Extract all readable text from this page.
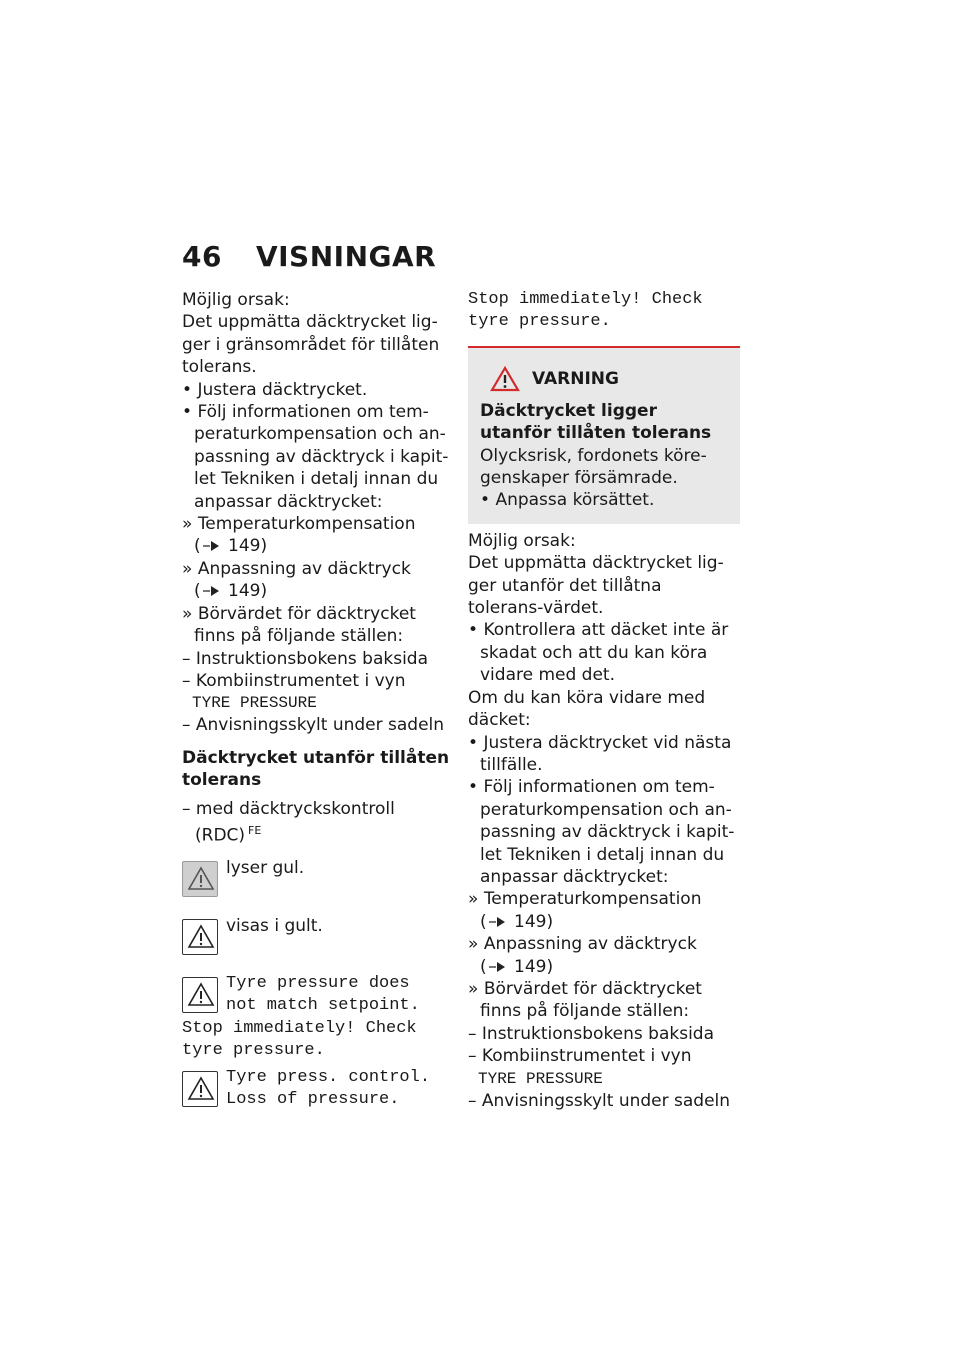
46 VISNINGAR

Möjlig orsak:

Det uppmätta däcktrycket lig-ger i gränsområdet för tillåten tolerans.

• Justera däcktrycket.

• Följ informationen om tem-peraturkompensation och an-passning av däcktryck i kapit-let Tekniken i detalj innan du anpassar däcktrycket:

» Temperaturkompensation
( 149)

» Anpassning av däcktryck
( 149)

» Börvärdet för däcktrycket finns på följande ställen:

– Instruktionsbokens baksida

– Kombiinstrumentet i vyn

TYRE PRESSURE

– Anvisningsskylt under sadeln

Däcktrycket utanför tillåten tolerans

– med däcktryckskontroll (RDC) $^{FE}$

lyser gul.
visas i gult.
Tyre pressure does not match setpoint.
Stop immediately! Check tyre pressure.
Tyre press. control. Loss of pressure.
Stop immediately! Check tyre pressure.
VARNING

Däcktrycket ligger utanför tillåten tolerans

Olycksrisk, fordonets köre-genskaper försämrade.

• Anpassa körsättet.

Möjlig orsak:

Det uppmätta däcktrycket lig-ger utanför det tillåtna tolerans-värdet.

• Kontrollera att däcket inte är skadat och att du kan köra vidare med det.

Om du kan köra vidare med däcket:

• Justera däcktrycket vid nästa tillfälle.

• Följ informationen om tem-peraturkompensation och an-passning av däcktryck i kapit-let Tekniken i detalj innan du anpassar däcktrycket:

» Temperaturkompensation
( 149)

» Anpassning av däcktryck
( 149)

» Börvärdet för däcktrycket finns på följande ställen:

– Instruktionsbokens baksida

– Kombiinstrumentet i vyn

TYRE PRESSURE

– Anvisningsskylt under sadeln
